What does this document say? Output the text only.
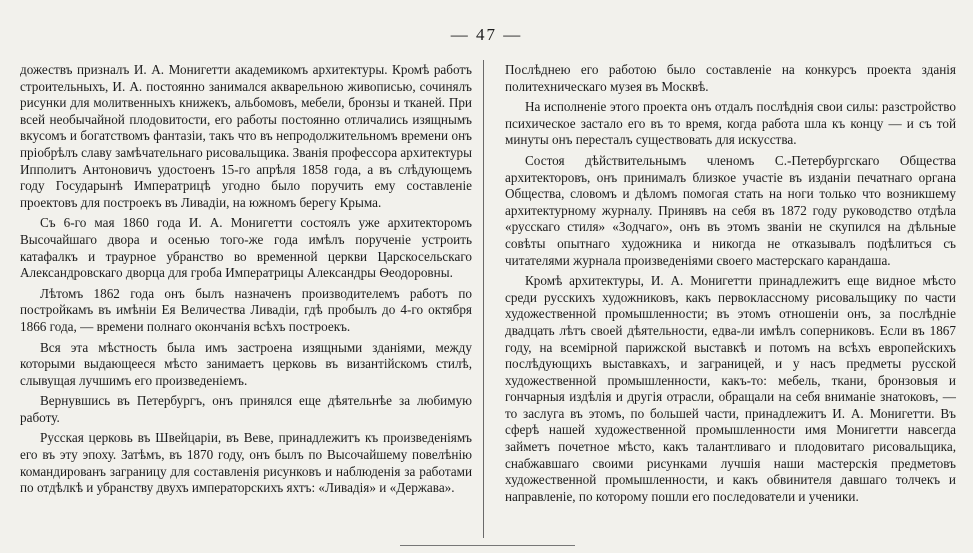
— 47 —

дожествъ призналъ И. А. Монигетти академикомъ архитектуры. Кромѣ работъ строительныхъ, И. А. постоянно занимался акварельною живописью, сочинялъ рисунки для молитвенныхъ книжекъ, альбомовъ, мебели, бронзы и тканей. При всей необычайной плодовитости, его работы постоянно отличались изящнымъ вкусомъ и богатствомъ фантазіи, такъ что въ непродолжительномъ времени онъ пріобрѣлъ славу замѣчательнаго рисовальщика. Званія профессора архитектуры Ипполитъ Антоновичъ удостоенъ 15-го апрѣля 1858 года, а въ слѣдующемъ году Государынѣ Императрицѣ угодно было поручить ему составленіе проектовъ для построекъ въ Ливадіи, на южномъ берегу Крыма.

Съ 6-го мая 1860 года И. А. Монигетти состоялъ уже архитекторомъ Высочайшаго двора и осенью того-же года имѣлъ порученіе устроить катафалкъ и траурное убранство во временной церкви Царскосельскаго Александровскаго дворца для гроба Императрицы Александры Ѳеодоровны.

Лѣтомъ 1862 года онъ былъ назначенъ производителемъ работъ по постройкамъ въ имѣніи Ея Величества Ливадіи, гдѣ пробылъ до 4-го октября 1866 года, — времени полнаго окончанія всѣхъ построекъ.

Вся эта мѣстность была имъ застроена изящными зданіями, между которыми выдающееся мѣсто занимаетъ церковь въ византійскомъ стилѣ, слывущая лучшимъ его произведеніемъ.

Вернувшись въ Петербургъ, онъ принялся еще дѣятельнѣе за любимую работу.

Русская церковь въ Швейцаріи, въ Веве, принадлежитъ къ произведеніямъ его въ эту эпоху. Затѣмъ, въ 1870 году, онъ былъ по Высочайшему повелѣнію командированъ заграницу для составленія рисунковъ и наблюденія за работами по отдѣлкѣ и убранству двухъ императорскихъ яхтъ: «Ливадія» и «Держава».

Послѣднею его работою было составленіе на конкурсъ проекта зданія политехническаго музея въ Москвѣ.

На исполненіе этого проекта онъ отдалъ послѣднія свои силы: разстройство психическое застало его въ то время, когда работа шла къ концу — и съ той минуты онъ пересталъ существовать для искусства.

Состоя дѣйствительнымъ членомъ С.-Петербургскаго Общества архитекторовъ, онъ принималъ близкое участіе въ изданіи печатнаго органа Общества, словомъ и дѣломъ помогая стать на ноги только что возникшему архитектурному журналу. Принявъ на себя въ 1872 году руководство отдѣла «русскаго стиля» «Зодчаго», онъ въ этомъ званіи не скупился на дѣльные совѣты опытнаго художника и никогда не отказывалъ подѣлиться съ читателями журнала произведеніями своего мастерскаго карандаша.

Кромѣ архитектуры, И. А. Монигетти принадлежитъ еще видное мѣсто среди русскихъ художниковъ, какъ первоклассному рисовальщику по части художественной промышленности; въ этомъ отношеніи онъ, за послѣдніе двадцать лѣтъ своей дѣятельности, едва-ли имѣлъ соперниковъ. Если въ 1867 году, на всемірной парижской выставкѣ и потомъ на всѣхъ европейскихъ послѣдующихъ выставкахъ, и заграницей, и у насъ предметы русской художественной промышленности, какъ-то: мебель, ткани, бронзовыя и гончарныя издѣлія и другія отрасли, обращали на себя вниманіе знатоковъ, — то заслуга въ этомъ, по большей части, принадлежитъ И. А. Монигетти. Въ сферѣ нашей художественной промышленности имя Монигетти навсегда займетъ почетное мѣсто, какъ талантливаго и плодовитаго рисовальщика, снабжавшаго своими рисунками лучшія наши мастерскія предметовъ художественной промышленности, и какъ обвинителя давшаго толчекъ и направленіе, по которому пошли его последователи и ученики.
